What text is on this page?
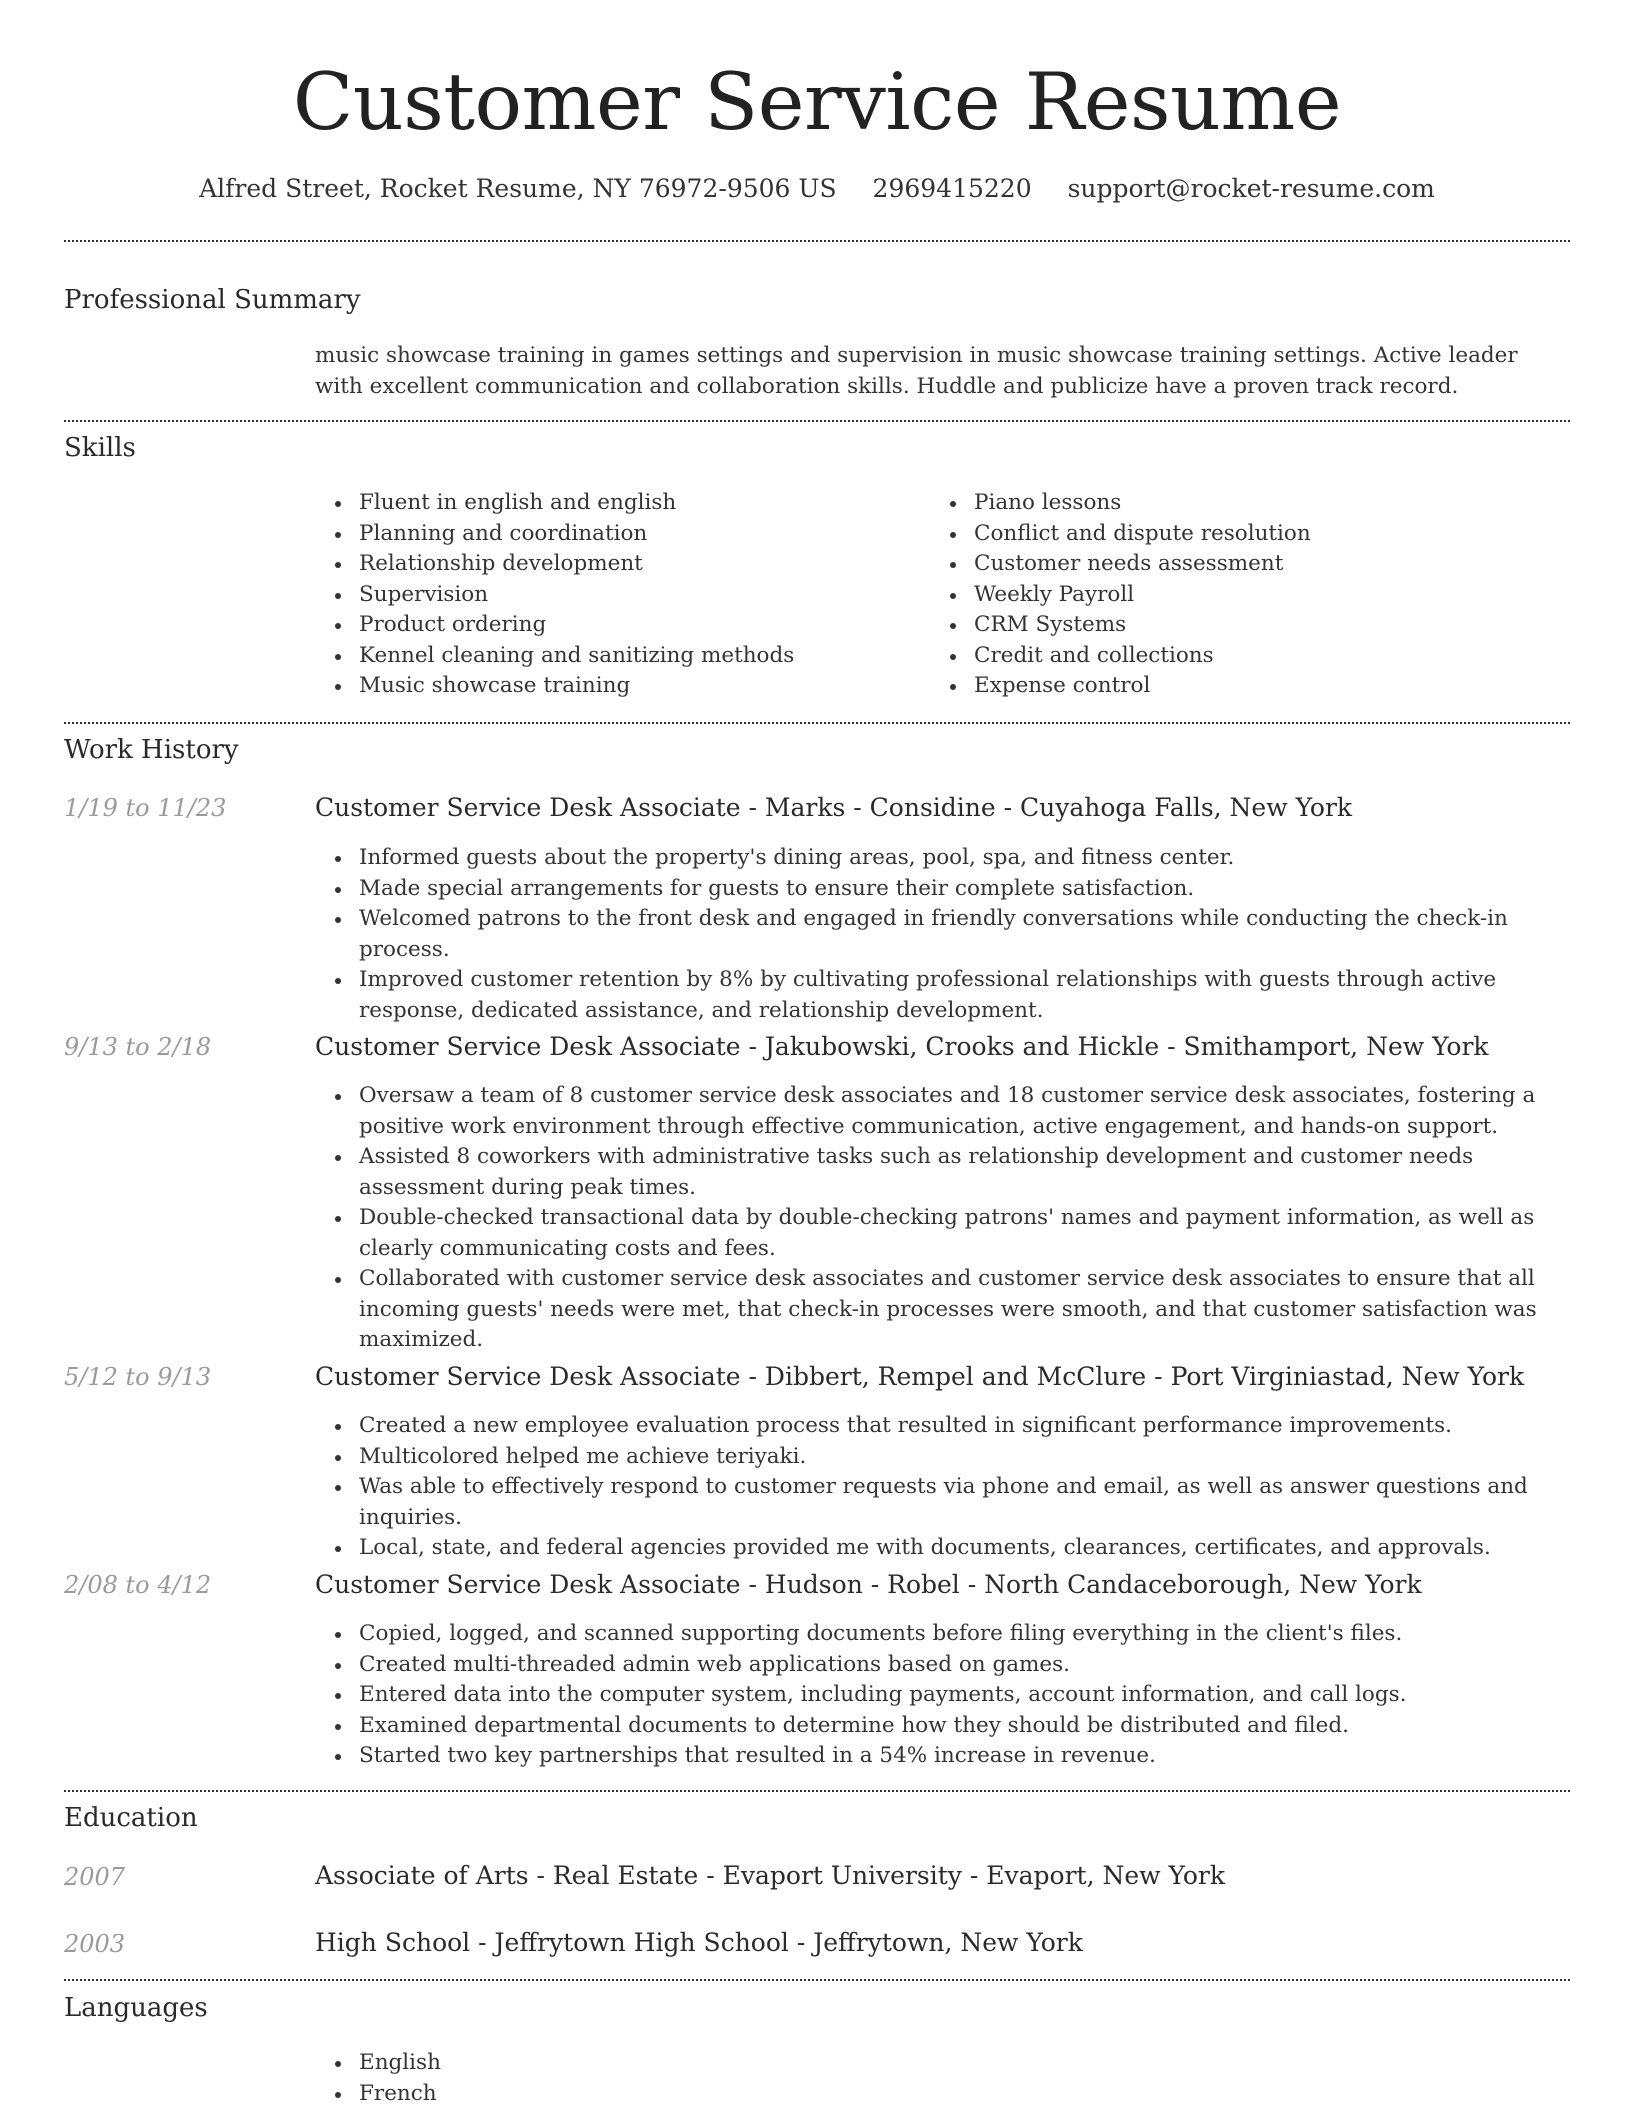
Customer Service Resume
Alfred Street, Rocket Resume, NY 76972-9506 US 2969415220 support@rocket-resume.com
Professional Summary
music showcase training in games settings and supervision in music showcase training settings. Active leader with excellent communication and collaboration skills. Huddle and publicize have a proven track record.
Skills
Fluent in english and english
Planning and coordination
Relationship development
Supervision
Product ordering
Kennel cleaning and sanitizing methods
Music showcase training
Piano lessons
Conflict and dispute resolution
Customer needs assessment
Weekly Payroll
CRM Systems
Credit and collections
Expense control
Work History
1/19 to 11/23	Customer Service Desk Associate - Marks - Considine - Cuyahoga Falls, New York
Informed guests about the property's dining areas, pool, spa, and fitness center.
Made special arrangements for guests to ensure their complete satisfaction.
Welcomed patrons to the front desk and engaged in friendly conversations while conducting the check-in process.
Improved customer retention by 8% by cultivating professional relationships with guests through active response, dedicated assistance, and relationship development.
9/13 to 2/18	Customer Service Desk Associate - Jakubowski, Crooks and Hickle - Smithamport, New York
Oversaw a team of 8 customer service desk associates and 18 customer service desk associates, fostering a positive work environment through effective communication, active engagement, and hands-on support.
Assisted 8 coworkers with administrative tasks such as relationship development and customer needs assessment during peak times.
Double-checked transactional data by double-checking patrons' names and payment information, as well as clearly communicating costs and fees.
Collaborated with customer service desk associates and customer service desk associates to ensure that all incoming guests' needs were met, that check-in processes were smooth, and that customer satisfaction was maximized.
5/12 to 9/13	Customer Service Desk Associate - Dibbert, Rempel and McClure - Port Virginiastad, New York
Created a new employee evaluation process that resulted in significant performance improvements.
Multicolored helped me achieve teriyaki.
Was able to effectively respond to customer requests via phone and email, as well as answer questions and inquiries.
Local, state, and federal agencies provided me with documents, clearances, certificates, and approvals.
2/08 to 4/12	Customer Service Desk Associate - Hudson - Robel - North Candaceborough, New York
Copied, logged, and scanned supporting documents before filing everything in the client's files.
Created multi-threaded admin web applications based on games.
Entered data into the computer system, including payments, account information, and call logs.
Examined departmental documents to determine how they should be distributed and filed.
Started two key partnerships that resulted in a 54% increase in revenue.
Education
2007	Associate of Arts - Real Estate - Evaport University - Evaport, New York
2003	High School - Jeffrytown High School - Jeffrytown, New York
Languages
English
French
